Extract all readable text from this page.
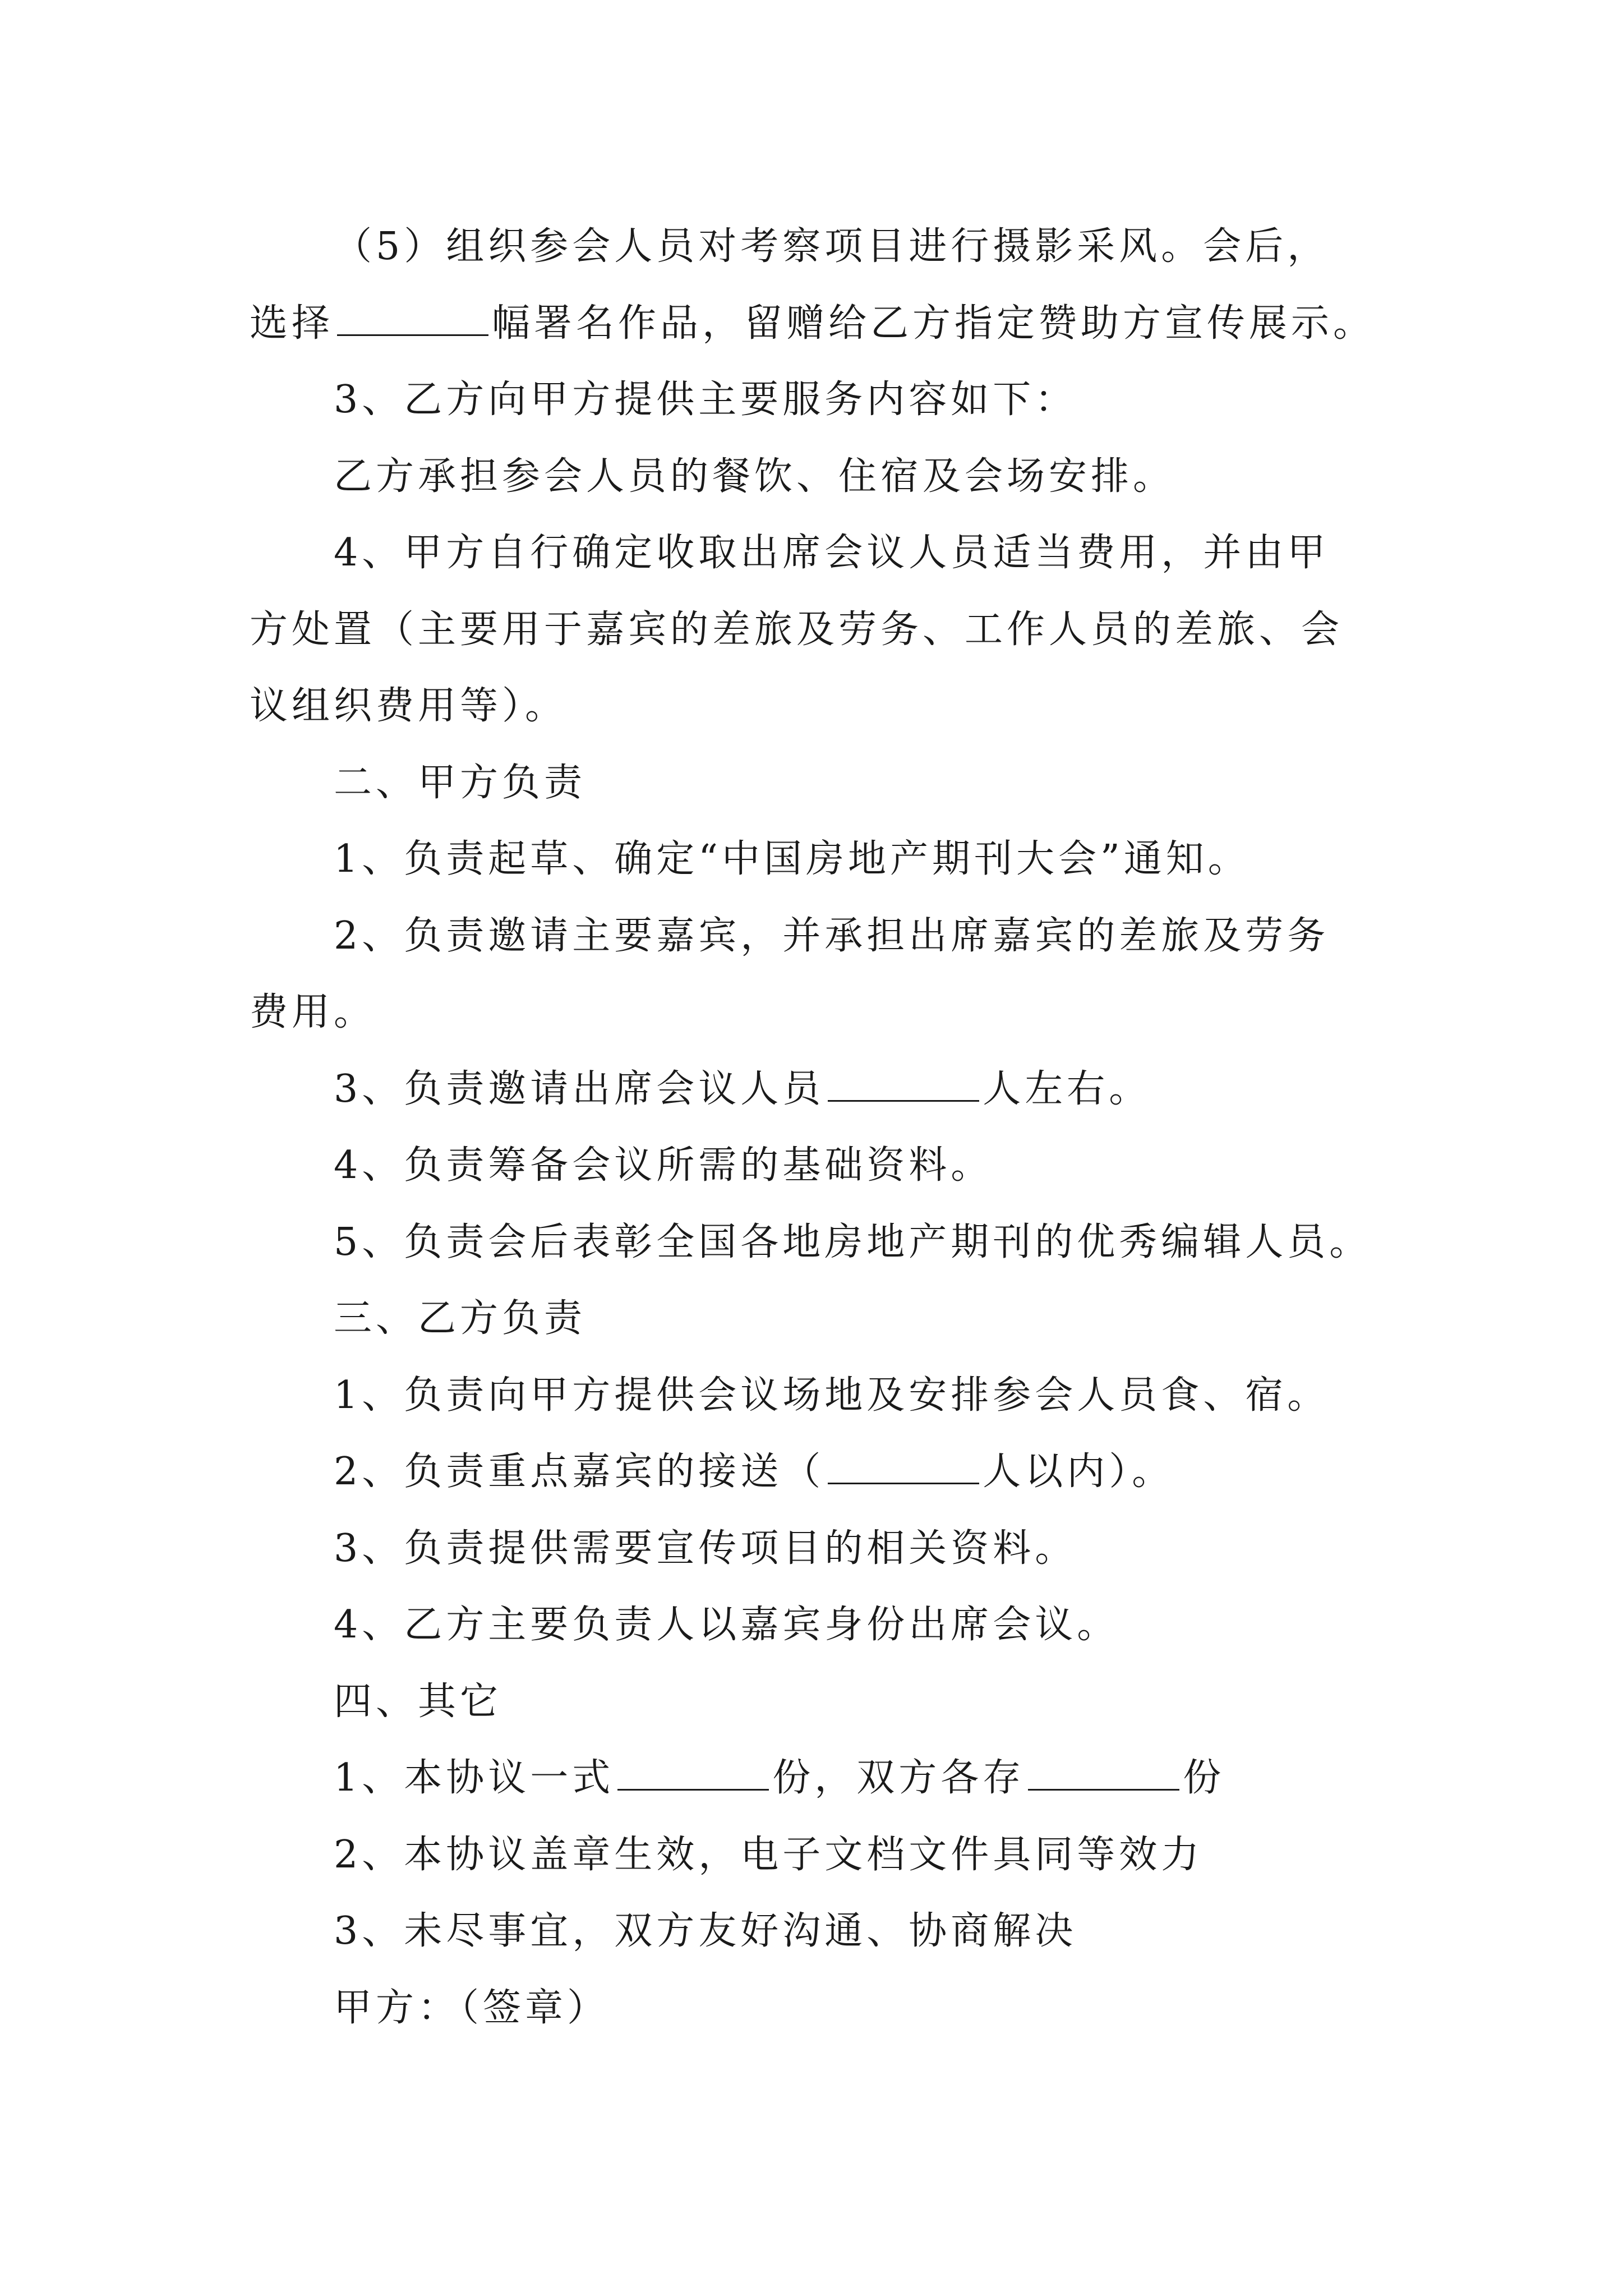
（5）组织参会人员对考察项目进行摄影采风。会后，
选择	幅署名作品，留赠给乙方指定赞助方宣传展示。
3、乙方向甲方提供主要服务内容如下：
乙方承担参会人员的餐饮、住宿及会场安排。
4、甲方自行确定收取出席会议人员适当费用，并由甲
方处置（主要用于嘉宾的差旅及劳务、工作人员的差旅、会
议组织费用等）。
二、甲方负责
1、负责起草、确定“中国房地产期刊大会”通知。
2、负责邀请主要嘉宾，并承担出席嘉宾的差旅及劳务
费用。
3、负责邀请出席会议人员	人左右。
4、负责筹备会议所需的基础资料。
5、负责会后表彰全国各地房地产期刊的优秀编辑人员。
三、乙方负责
1、负责向甲方提供会议场地及安排参会人员食、宿。
2、负责重点嘉宾的接送（	人以内）。
3、负责提供需要宣传项目的相关资料。
4、乙方主要负责人以嘉宾身份出席会议。
四、其它
1、本协议一式	份，双方各存	份
2、本协议盖章生效，电子文档文件具同等效力
3、未尽事宜，双方友好沟通、协商解决
甲方：（签章）
